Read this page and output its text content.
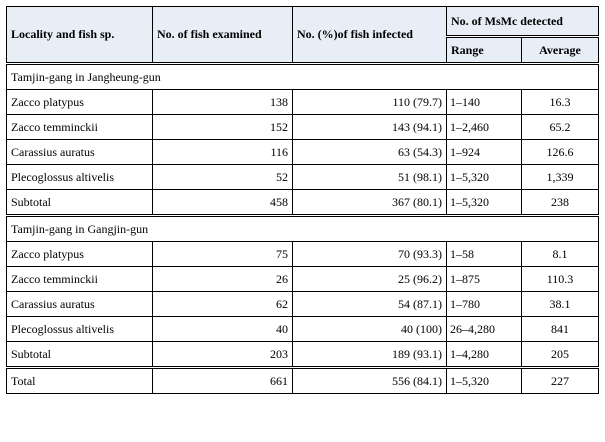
Locality and fish sp.	No. of fish examined	No. (%)of fish infected	No. of MsMc detected	
			Range	Average
Tamjin-gang in Jangheung-gun				
Zacco platypus	138	110 (79.7)	1–140	16.3
Zacco temminckii	152	143 (94.1)	1–2,460	65.2
Carassius auratus	116	63 (54.3)	1–924	126.6
Plecoglossus altivelis	52	51 (98.1)	1–5,320	1,339
Subtotal	458	367 (80.1)	1–5,320	238
Tamjin-gang in Gangjin-gun				
Zacco platypus	75	70 (93.3)	1–58	8.1
Zacco temminckii	26	25 (96.2)	1–875	110.3
Carassius auratus	62	54 (87.1)	1–780	38.1
Plecoglossus altivelis	40	40 (100)	26–4,280	841
Subtotal	203	189 (93.1)	1–4,280	205
Total	661	556 (84.1)	1–5,320	227
